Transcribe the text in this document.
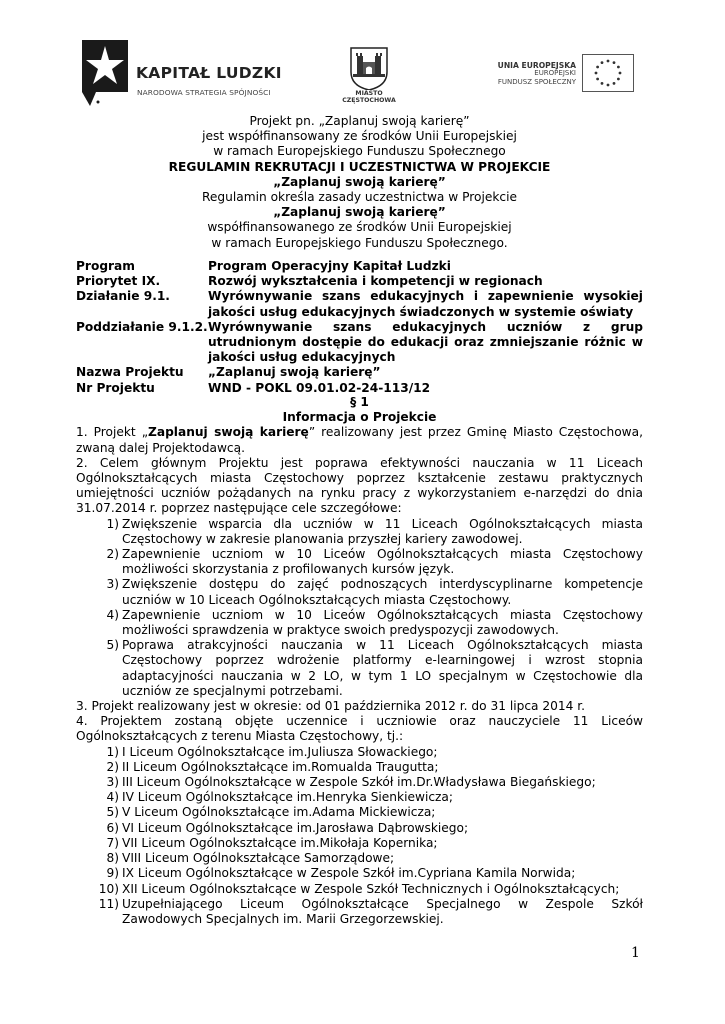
KAPITAŁ LUDZKI
NARODOWA STRATEGIA SPÓJNOŚCI	MIASTO CZĘSTOCHOWA
UNIA EUROPEJSKA
EUROPEJSKI
FUNDUSZ SPOŁECZNY
Projekt pn. „Zaplanuj swoją karierę”
jest współfinansowany ze środków Unii Europejskiej
w ramach Europejskiego Funduszu Społecznego
REGULAMIN REKRUTACJI I UCZESTNICTWA W PROJEKCIE
„Zaplanuj swoją karierę”
Regulamin określa zasady uczestnictwa w Projekcie
„Zaplanuj swoją karierę”
współfinansowanego ze środków Unii Europejskiej
w ramach Europejskiego Funduszu Społecznego.
Program	Program Operacyjny Kapitał Ludzki
Priorytet IX.	Rozwój wykształcenia i kompetencji w regionach
Działanie 9.1.	Wyrównywanie szans edukacyjnych i zapewnienie wysokiej jakości usług edukacyjnych świadczonych w systemie oświaty
Poddziałanie 9.1.2. Wyrównywanie szans edukacyjnych uczniów z grup utrudnionym dostępie do edukacji oraz zmniejszanie różnic w jakości usług edukacyjnych
Nazwa Projektu	„Zaplanuj swoją karierę”
Nr Projektu	WND - POKL 09.01.02-24-113/12
§ 1
Informacja o Projekcie

1. Projekt „Zaplanuj swoją karierę” realizowany jest przez Gminę Miasto Częstochowa, zwaną dalej Projektodawcą.

2. Celem głównym Projektu jest poprawa efektywności nauczania w 11 Liceach Ogólnokształcących miasta Częstochowy poprzez kształcenie zestawu praktycznych umiejętności uczniów pożądanych na rynku pracy z wykorzystaniem e-narzędzi do dnia 31.07.2014 r. poprzez następujące cele szczegółowe:

1) Zwiększenie wsparcia dla uczniów w 11 Liceach Ogólnokształcących miasta Częstochowy w zakresie planowania przyszłej kariery zawodowej.
2) Zapewnienie uczniom w 10 Liceów Ogólnokształcących miasta Częstochowy możliwości skorzystania z profilowanych kursów język.
3) Zwiększenie dostępu do zajęć podnoszących interdyscyplinarne kompetencje uczniów w 10 Liceach Ogólnokształcących miasta Częstochowy.
4) Zapewnienie uczniom w 10 Liceów Ogólnokształcących miasta Częstochowy możliwości sprawdzenia w praktyce swoich predyspozycji zawodowych.
5) Poprawa atrakcyjności nauczania w 11 Liceach Ogólnokształcących miasta Częstochowy poprzez wdrożenie platformy e-learningowej i wzrost stopnia adaptacyjności nauczania w 2 LO, w tym 1 LO specjalnym w Częstochowie dla uczniów ze specjalnymi potrzebami.

3. Projekt realizowany jest w okresie: od 01 października 2012 r. do 31 lipca 2014 r.

4. Projektem zostaną objęte uczennice i uczniowie oraz nauczyciele 11 Liceów Ogólnokształcących z terenu Miasta Częstochowy, tj.:

1) I Liceum Ogólnokształcące im.Juliusza Słowackiego;
2) II Liceum Ogólnokształcące im.Romualda Traugutta;
3) III Liceum Ogólnokształcące w Zespole Szkół im.Dr.Władysława Biegańskiego;
4) IV Liceum Ogólnokształcące im.Henryka Sienkiewicza;
5) V Liceum Ogólnokształcące im.Adama Mickiewicza;
6) VI Liceum Ogólnokształcące im.Jarosława Dąbrowskiego;
7) VII Liceum Ogólnokształcące im.Mikołaja Kopernika;
8) VIII Liceum Ogólnokształcące Samorządowe;
9) IX Liceum Ogólnokształcące w Zespole Szkół im.Cypriana Kamila Norwida;
10) XII Liceum Ogólnokształcące w Zespole Szkół Technicznych i Ogólnokształcących;
11) Uzupełniającego Liceum Ogólnokształcące Specjalnego w Zespole Szkół Zawodowych Specjalnych im. Marii Grzegorzewskiej.
1
